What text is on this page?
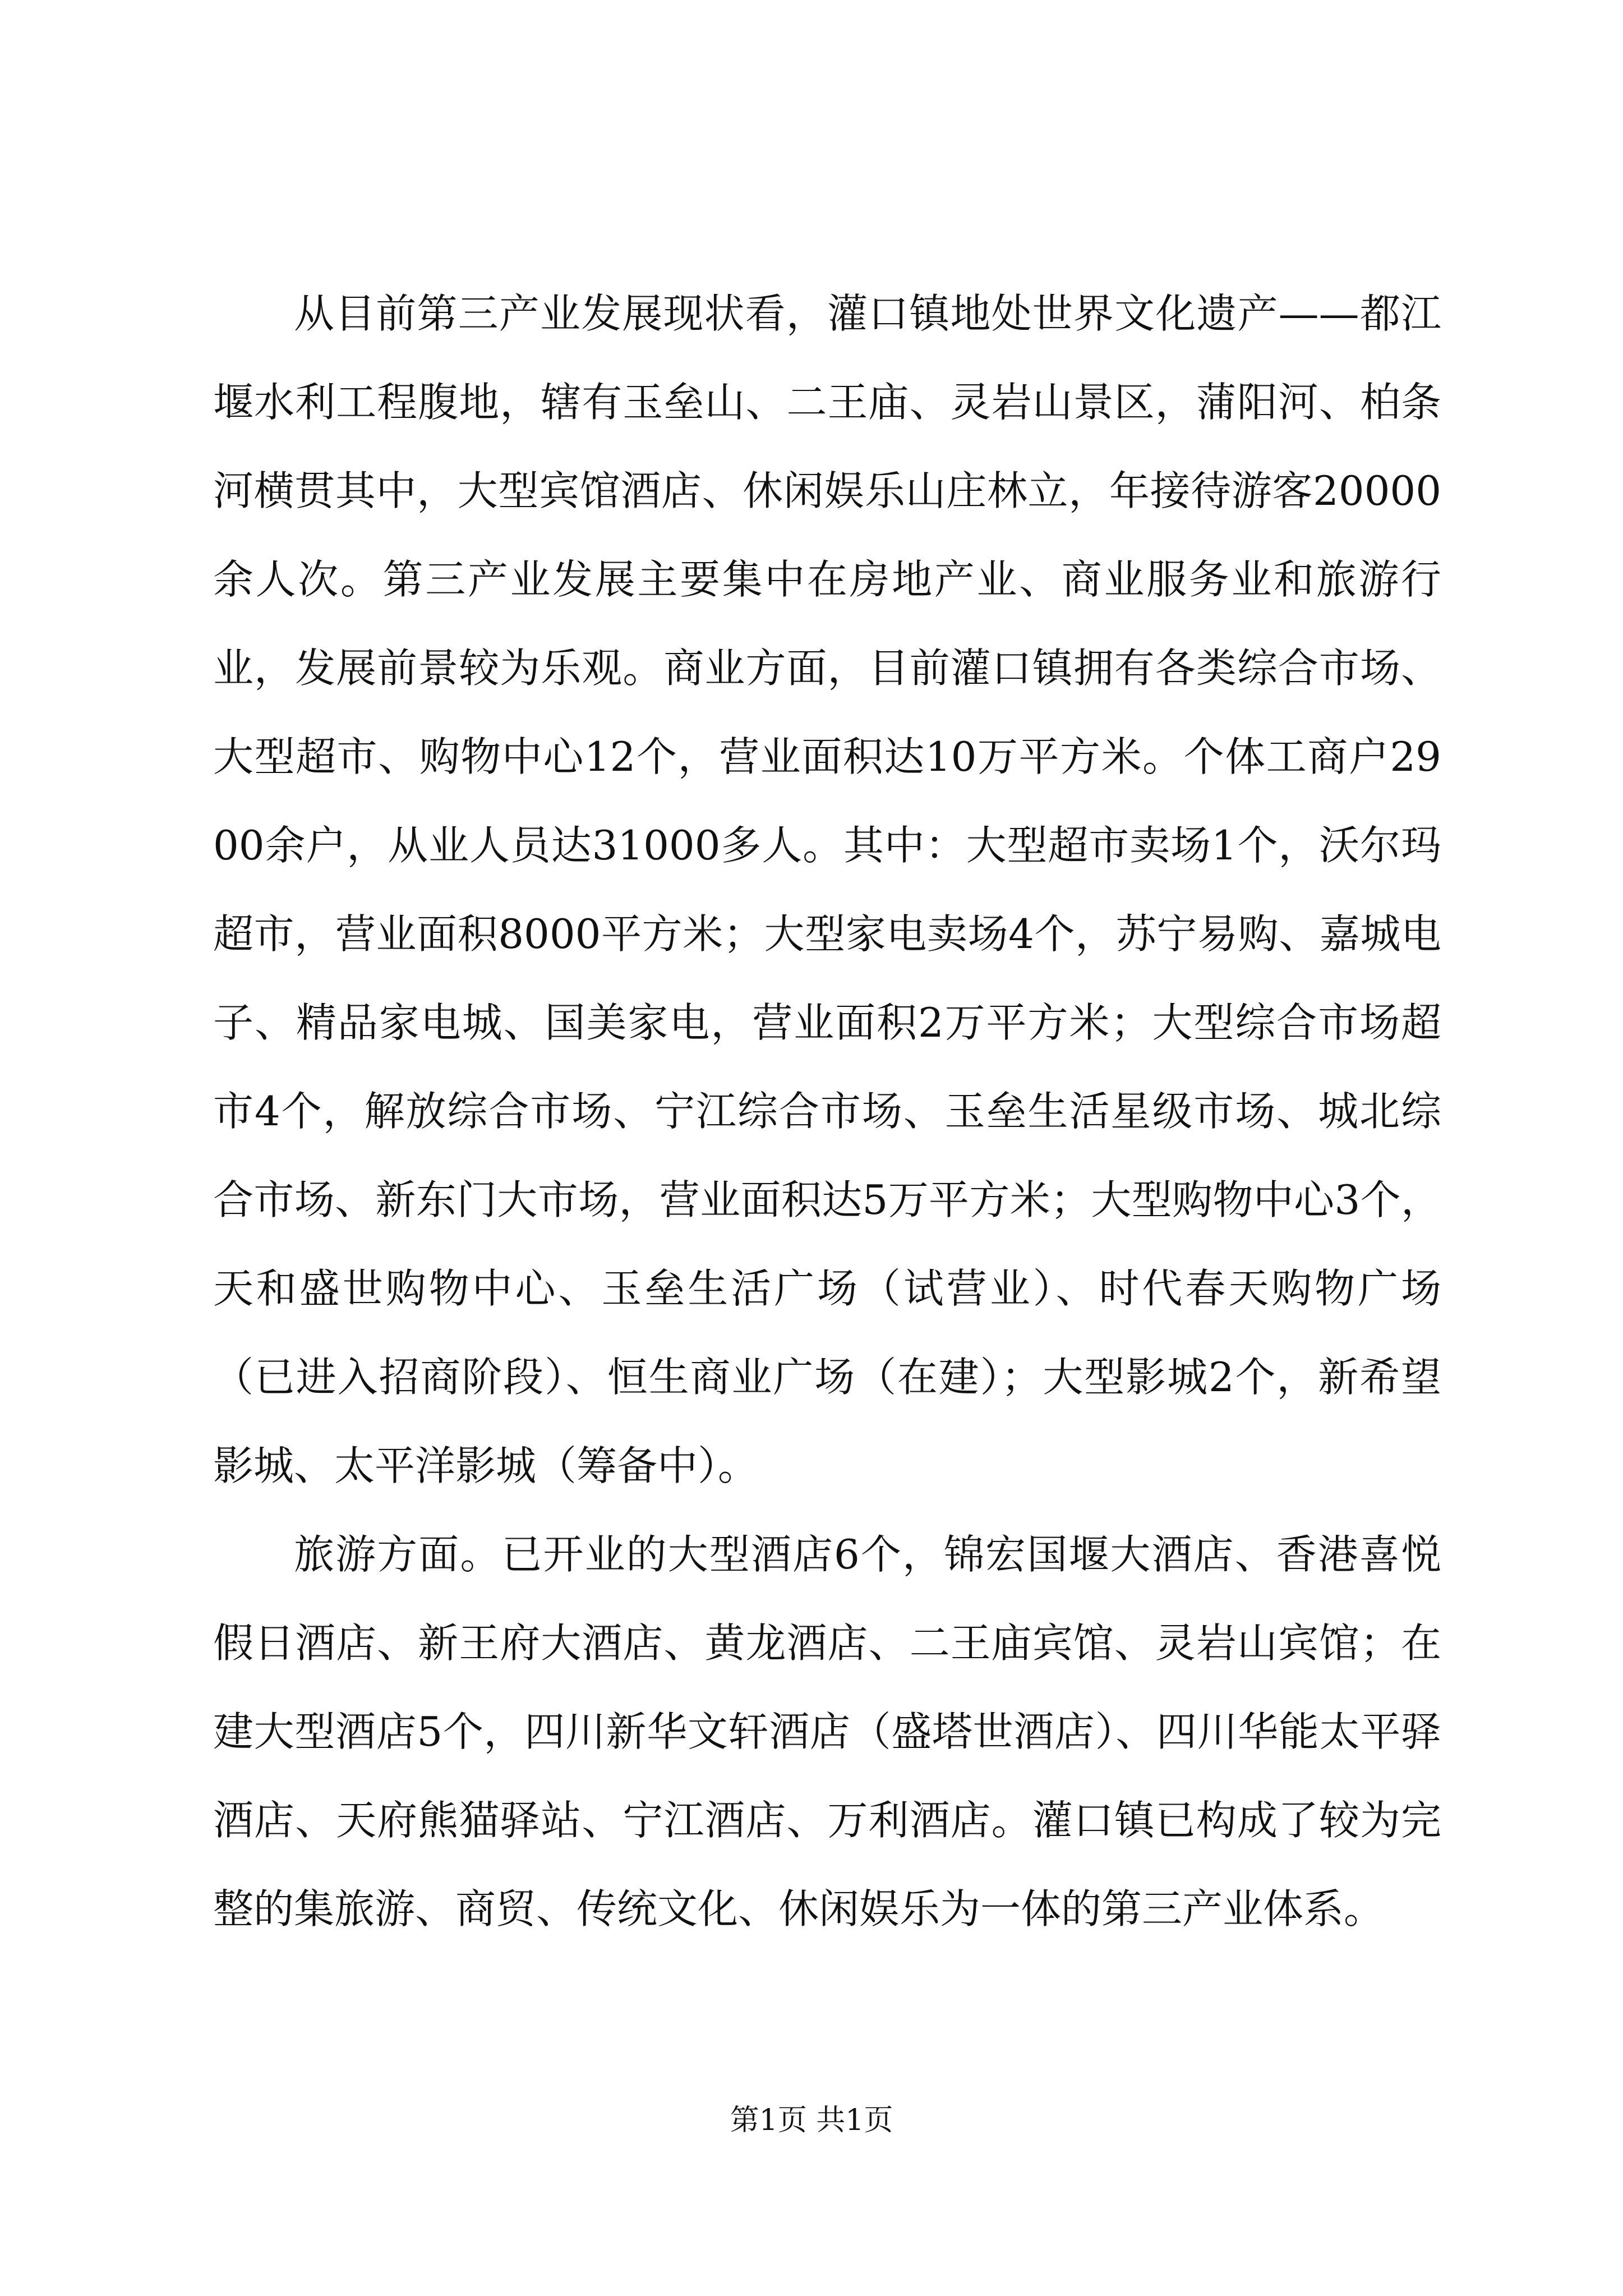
从目前第三产业发展现状看，灌口镇地处世界文化遗产——都江堰水利工程腹地，辖有玉垒山、二王庙、灵岩山景区，蒲阳河、柏条河横贯其中，大型宾馆酒店、休闲娱乐山庄林立，年接待游客20000余人次。第三产业发展主要集中在房地产业、商业服务业和旅游行业，发展前景较为乐观。商业方面，目前灌口镇拥有各类综合市场、大型超市、购物中心12个，营业面积达10万平方米。个体工商户2900余户，从业人员达31000多人。其中：大型超市卖场1个，沃尔玛超市，营业面积8000平方米；大型家电卖场4个，苏宁易购、嘉城电子、精品家电城、国美家电，营业面积2万平方米；大型综合市场超市4个，解放综合市场、宁江综合市场、玉垒生活星级市场、城北综合市场、新东门大市场，营业面积达5万平方米；大型购物中心3个，天和盛世购物中心、玉垒生活广场（试营业）、时代春天购物广场（已进入招商阶段）、恒生商业广场（在建）；大型影城2个，新希望影城、太平洋影城（筹备中）。

旅游方面。已开业的大型酒店6个，锦宏国堰大酒店、香港喜悦假日酒店、新王府大酒店、黄龙酒店、二王庙宾馆、灵岩山宾馆；在建大型酒店5个，四川新华文轩酒店（盛塔世酒店）、四川华能太平驿酒店、天府熊猫驿站、宁江酒店、万利酒店。灌口镇已构成了较为完整的集旅游、商贸、传统文化、休闲娱乐为一体的第三产业体系。

第1页 共1页
